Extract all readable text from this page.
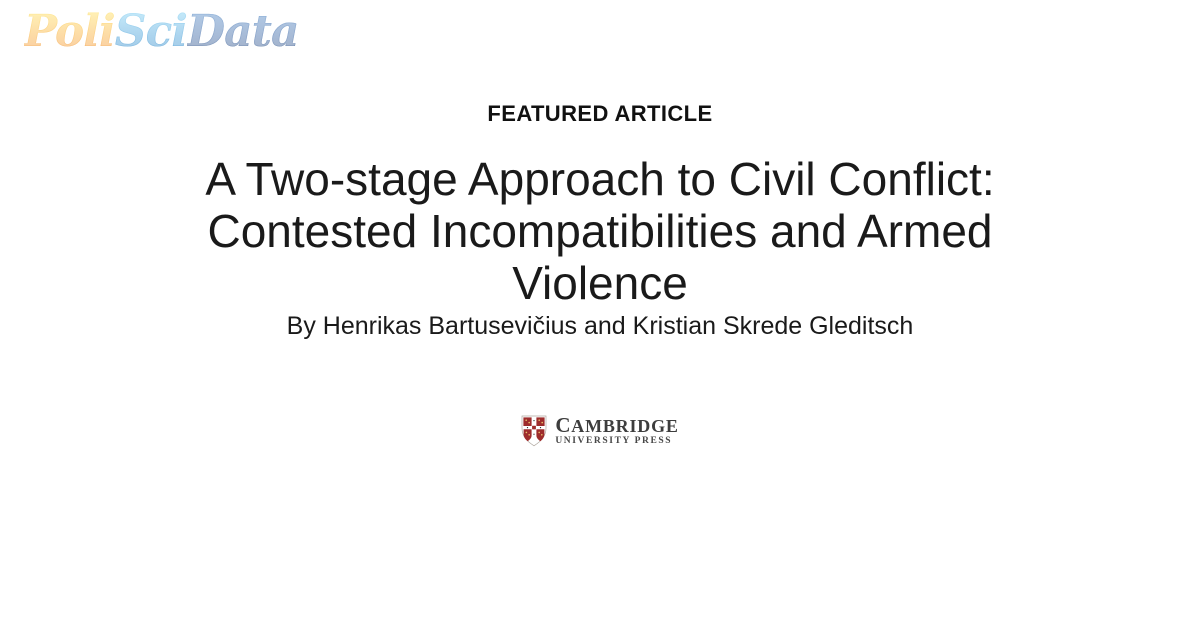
PoliSciData
FEATURED ARTICLE
A Two-stage Approach to Civil Conflict:
Contested Incompatibilities and Armed
Violence
By Henrikas Bartusevičius and Kristian Skrede Gleditsch
CAMBRIDGE
UNIVERSITY PRESS
